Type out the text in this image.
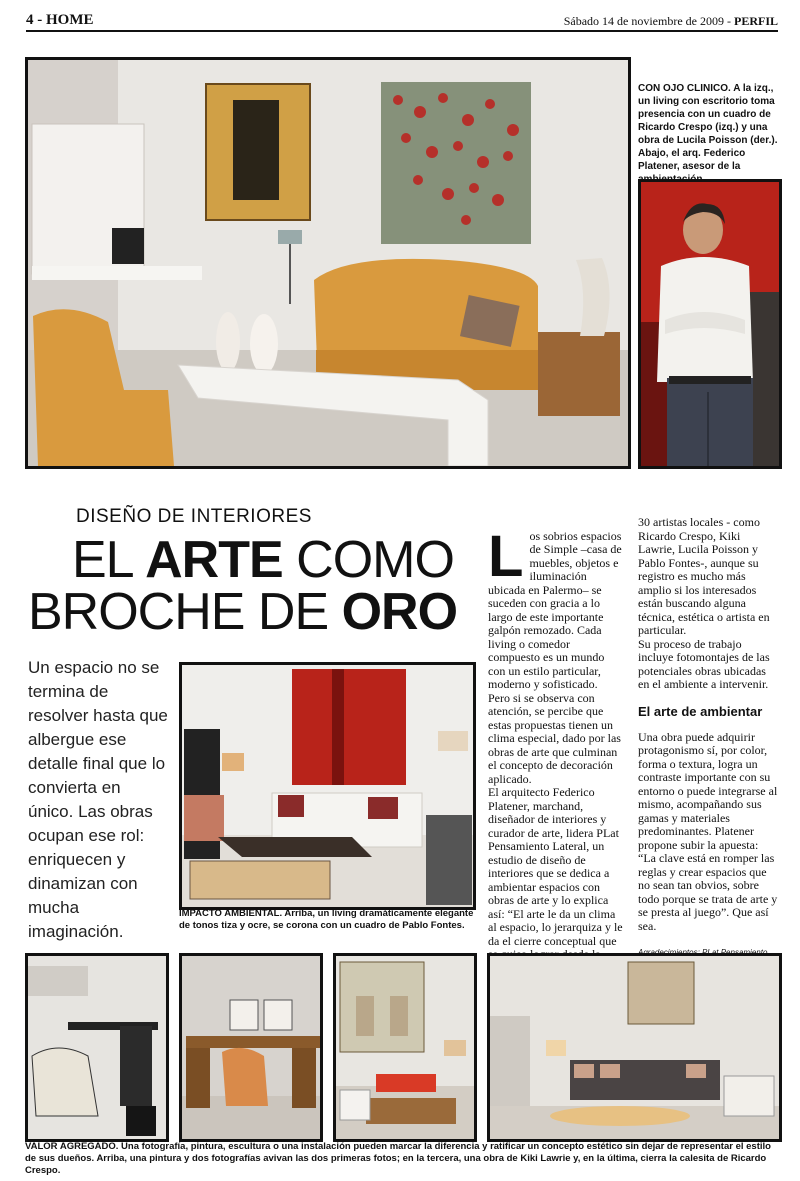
4 - HOME	Sábado 14 de noviembre de 2009 - PERFIL
CON OJO CLINICO. A la izq., un living con escritorio toma presencia con un cuadro de Ricardo Crespo (izq.) y una obra de Lucila Poisson (der.). Abajo, el arq. Federico Platener, asesor de la
DISEÑO DE INTERIORES
EL ARTE COMO
BROCHE DE ORO
Un espacio no se termina de resolver hasta que albergue ese detalle final que lo convierta en único. Las obras ocupan ese rol: enriquecen y dinamizan con mucha imaginación.
IMPACTO AMBIENTAL. Arriba, un living dramáticamente elegante de tonos tiza y ocre, se corona con un cuadro de Pablo Fontes.

Los sobrios espacios de Simple –casa de muebles, objetos e iluminación ubicada en Palermo– se suceden con gracia a lo largo de este importante galpón remozado. Cada living o comedor compuesto es un mundo con un estilo particular, moderno y sofisticado.
Pero si se observa con atención, se percibe que estas propuestas tienen un clima especial, dado por las obras de arte que culminan el concepto de decoración aplicado.
El arquitecto Federico Platener, marchand, diseñador de interiores y curador de arte, lidera PLat Pensamiento Lateral, un estudio de diseño de interiores que se dedica a ambientar espacios con obras de arte y lo explica así: “El arte le da un clima al espacio, lo jerarquiza y le da el cierre conceptual que

30 artistas locales - como Ricardo Crespo, Kiki Lawrie, Lucila Poisson y Pablo Fontes-, aunque su registro es mucho más amplio si los interesados están buscando alguna técnica, estética o artista en particular.
Su proceso de trabajo incluye fotomontajes de las potenciales obras ubicadas en el ambiente a intervenir.
El arte de ambientar
Una obra puede adquirir protagonismo sí, por color, forma o textura, logra un contraste importante con su entorno o puede integrarse al mismo, acompañando sus gamas y materiales predominantes. Platener propone subir la apuesta: “La clave está en romper las reglas y crear espacios que no sean tan obvios, sobre todo porque se trata de arte y se presta al juego”. Que así sea.
VALOR AGREGADO. Una fotografía, pintura, escultura o una instalación pueden marcar la diferencia y ratificar un concepto estético sin dejar de representar el estilo de sus dueños. Arriba, una pintura y dos fotografías avivan las dos primeras fotos; en la tercera, una obra de Kiki Lawrie y, en la última, cierra la calesita de Ricardo Crespo.
